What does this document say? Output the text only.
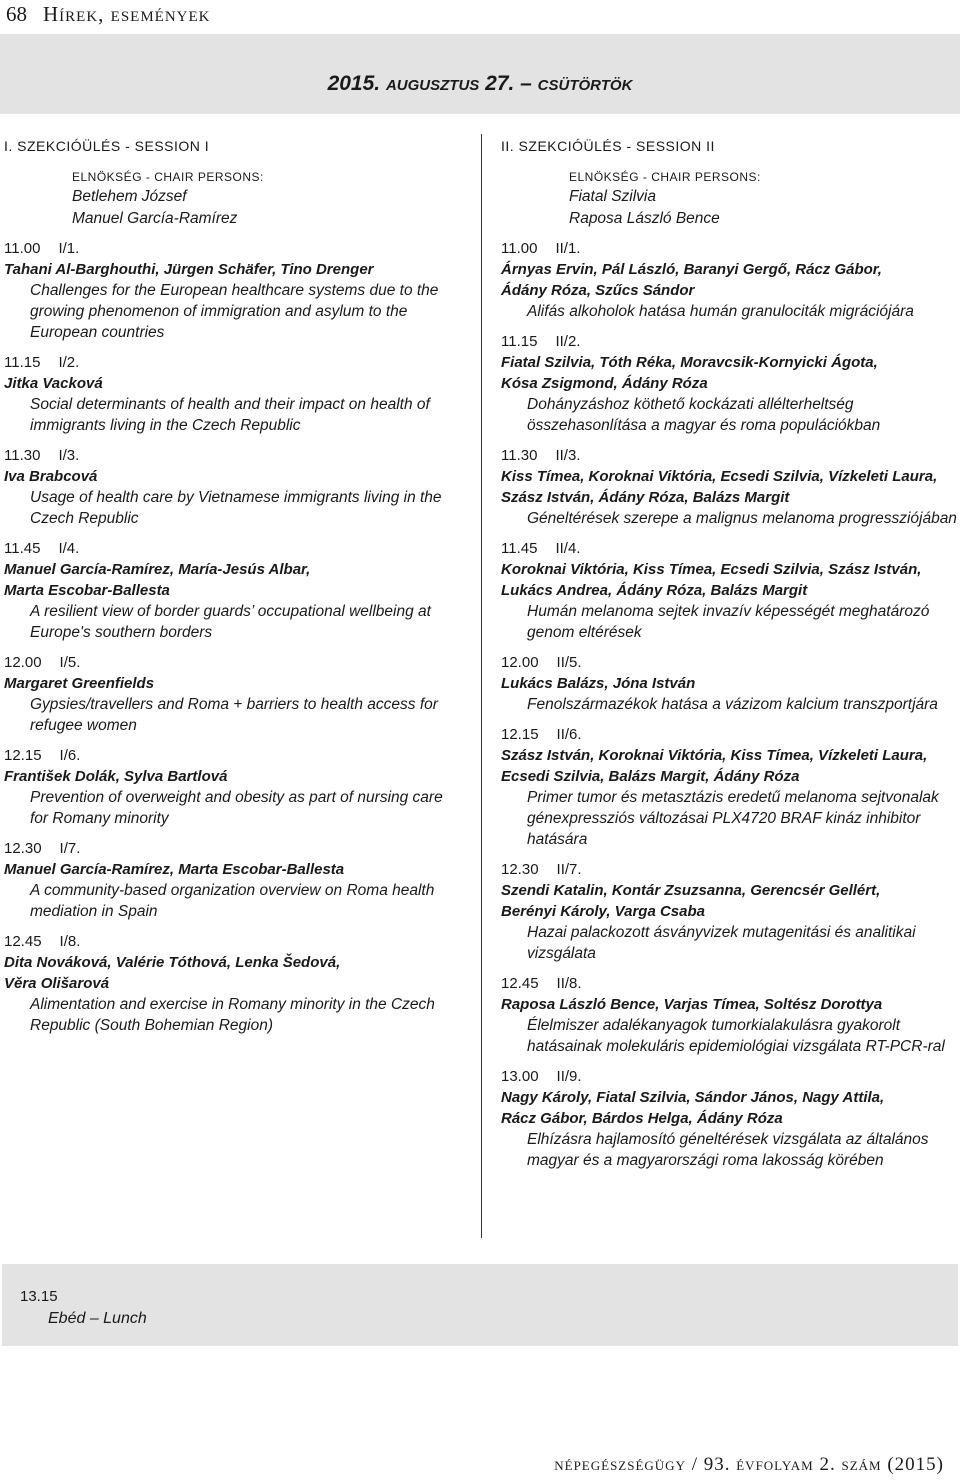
68 Hírek, események
2015. augusztus 27. – csütörtök
I. SZEKCIÓÜLÉS - SESSION I
ELNÖKSÉG - CHAIR PERSONS:
Betlehem József
Manuel García-Ramírez
11.00 I/1.
Tahani Al-Barghouthi, Jürgen Schäfer, Tino Drenger
Challenges for the European healthcare systems due to the
growing phenomenon of immigration and asylum to the
European countries
11.15 I/2.
Jitka Vacková
Social determinants of health and their impact on health of
immigrants living in the Czech Republic
11.30 I/3.
Iva Brabcová
Usage of health care by Vietnamese immigrants living in the
Czech Republic
11.45 I/4.
Manuel García-Ramírez, María-Jesús Albar,
Marta Escobar-Ballesta
A resilient view of border guards’ occupational wellbeing at
Europe's southern borders
12.00 I/5.
Margaret Greenfields
Gypsies/travellers and Roma + barriers to health access for
refugee women
12.15 I/6.
František Dolák, Sylva Bartlová
Prevention of overweight and obesity as part of nursing care
for Romany minority
12.30 I/7.
Manuel García-Ramírez, Marta Escobar-Ballesta
A community-based organization overview on Roma health
mediation in Spain
12.45 I/8.
Dita Nováková, Valérie Tóthová, Lenka Šedová,
Věra Olišarová
Alimentation and exercise in Romany minority in the Czech
Republic (South Bohemian Region)
II. SZEKCIÓÜLÉS - SESSION II
ELNÖKSÉG - CHAIR PERSONS:
Fiatal Szilvia
Raposa László Bence
11.00 II/1.
Árnyas Ervin, Pál László, Baranyi Gergő, Rácz Gábor,
Ádány Róza, Szűcs Sándor
Alifás alkoholok hatása humán granulociták migrációjára
11.15 II/2.
Fiatal Szilvia, Tóth Réka, Moravcsik-Kornyicki Ágota,
Kósa Zsigmond, Ádány Róza
Dohányzáshoz köthető kockázati allélterheltség
összehasonlítása a magyar és roma populációkban
11.30 II/3.
Kiss Tímea, Koroknai Viktória, Ecsedi Szilvia, Vízkeleti Laura,
Szász István, Ádány Róza, Balázs Margit
Géneltérések szerepe a malignus melanoma progressziójában
11.45 II/4.
Koroknai Viktória, Kiss Tímea, Ecsedi Szilvia, Szász István,
Lukács Andrea, Ádány Róza, Balázs Margit
Humán melanoma sejtek invazív képességét meghatározó
genom eltérések
12.00 II/5.
Lukács Balázs, Jóna István
Fenolszármazékok hatása a vázizom kalcium transzportjára
12.15 II/6.
Szász István, Koroknai Viktória, Kiss Tímea, Vízkeleti Laura,
Ecsedi Szilvia, Balázs Margit, Ádány Róza
Primer tumor és metasztázis eredetű melanoma sejtvonalak
génexpressziós változásai PLX4720 BRAF kináz inhibitor
hatására
12.30 II/7.
Szendi Katalin, Kontár Zsuzsanna, Gerencsér Gellért,
Berényi Károly, Varga Csaba
Hazai palackozott ásványvizek mutagenitási és analitikai
vizsgálata
12.45 II/8.
Raposa László Bence, Varjas Tímea, Soltész Dorottya
Élelmiszer adalékanyagok tumorkialakulásra gyakorolt
hatásainak molekuláris epidemiológiai vizsgálata RT-PCR-ral
13.00 II/9.
Nagy Károly, Fiatal Szilvia, Sándor János, Nagy Attila,
Rácz Gábor, Bárdos Helga, Ádány Róza
Elhízásra hajlamosító géneltérések vizsgálata az általános
magyar és a magyarországi roma lakosság körében
13.15
Ebéd – Lunch
népegészségügy / 93. évfolyam 2. szám (2015)
